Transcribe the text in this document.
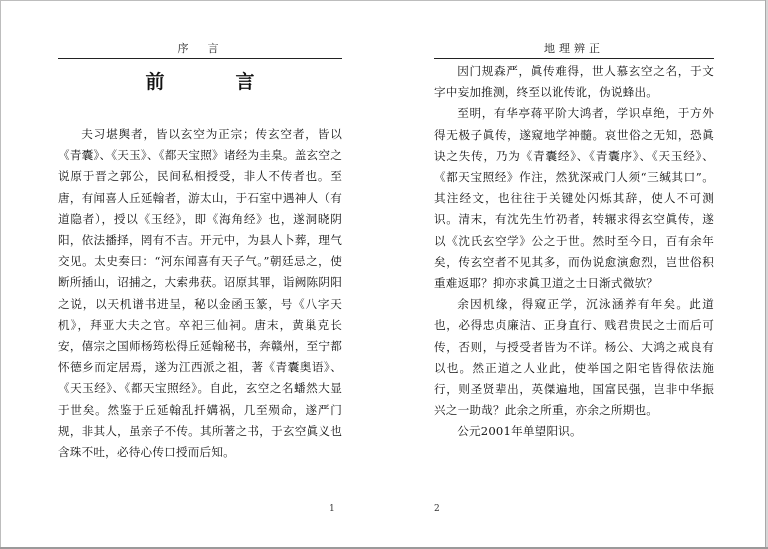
序　言
前　言

夫习堪舆者，皆以玄空为正宗；传玄空者，皆以《青囊》、《天玉》、《都天宝照》诸经为圭臬。盖玄空之说原于晋之郭公，民间私相授受，非人不传者也。至唐，有闻喜人丘延翰者，游太山，于石室中遇神人（有道隐者），授以《玉经》，即《海角经》也，遂洞晓阴阳，依法播择，罔有不吉。开元中，为县人卜葬，理气交见。太史奏曰：“河东闻喜有天子气。”朝廷忌之，使断所插山，诏捕之，大索弗获。诏原其罪，诣阙陈阴阳之说，以天机谱书进呈，秘以金函玉篆，号《八字天机》，拜亚大夫之官。卒祀三仙祠。唐末，黄巢克长安，僖宗之国师杨筠松得丘延翰秘书，奔赣州，至宁都怀德乡而定居焉，遂为江西派之祖，著《青囊奥语》、《天玉经》、《都天宝照经》。自此，玄空之名蟠然大显于世矣。然鉴于丘延翰乱扦媾祸，几至殒命，遂严门规，非其人，虽亲子不传。其所著之书，于玄空眞义也含珠不吐，必待心传口授而后知。

1
地理辨正

因门规森严，眞传难得，世人慕玄空之名，于文字中妄加推测，终至以讹传讹，伪说蜂出。

至明，有华亭蒋平阶大鸿者，学识卓绝，于方外得无极子眞传，遂窥地学神髓。哀世俗之无知，恐眞诀之失传，乃为《青囊经》、《青囊序》、《天玉经》、《都天宝照经》作注，然犹深戒门人须“三缄其口”。其注经文，也往往于关键处闪烁其辞，使人不可测识。清末，有沈先生竹礽者，转辗求得玄空眞传，遂以《沈氏玄空学》公之于世。然时至今日，百有余年矣，传玄空者不见其多，而伪说愈演愈烈，岂世俗积重难返耶？抑亦求眞卫道之士日渐式微欤？

余因机缘，得窥正学，沉泳涵养有年矣。此道也，必得忠贞廉洁、正身直行、贱君贵民之士而后可传，否则，与授受者皆为不详。杨公、大鸿之戒良有以也。然正道之人业此，使举国之阳宅皆得依法施行，则圣贤辈出，英傑遍地，国富民强，岂非中华振兴之一助哉？此余之所重，亦余之所期也。

公元2001年单望阳识。

2
